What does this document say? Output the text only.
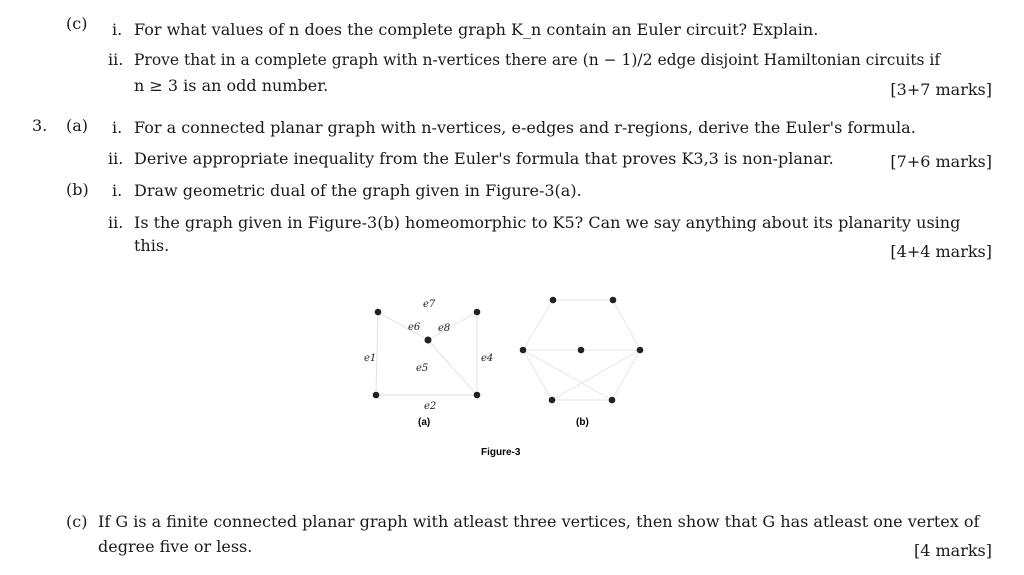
(c) i. For what values of n does the complete graph K_n contain an Euler circuit? Explain.
ii. Prove that in a complete graph with n-vertices there are (n − 1)/2 edge disjoint Hamiltonian circuits if
n ≥ 3 is an odd number.	[3+7 marks]
3. (a) i. For a connected planar graph with n-vertices, e-edges and r-regions, derive the Euler's formula.
ii. Derive appropriate inequality from the Euler's formula that proves K3,3 is non-planar.	[7+6 marks]
(b) i. Draw geometric dual of the graph given in Figure-3(a).
ii. Is the graph given in Figure-3(b) homeomorphic to K5? Can we say anything about its planarity using
this.	[4+4 marks]
e7
e6 e8
e1
e5
e4
e2
(a)	(b)
Figure-3
(c) If G is a finite connected planar graph with atleast three vertices, then show that G has atleast one vertex of
degree five or less.	[4 marks]
